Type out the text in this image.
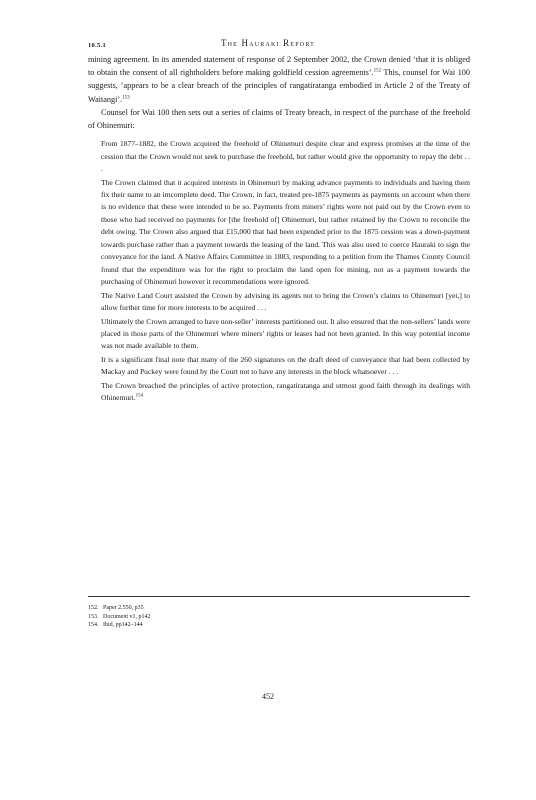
10.5.1	The Hauraki Report

mining agreement. In its amended statement of response of 2 September 2002, the Crown denied ‘that it is obliged to obtain the consent of all rightholders before making goldfield cession agreements’.$^{152}$ This, counsel for Wai 100 suggests, ‘appears to be a clear breach of the principles of rangatiratanga embodied in Article 2 of the Treaty of Waitangi’.$^{153}$

Counsel for Wai 100 then sets out a series of claims of Treaty breach, in respect of the purchase of the freehold of Ohinemuri:

From 1877–1882, the Crown acquired the freehold of Ohinemuri despite clear and express promises at the time of the cession that the Crown would not seek to purchase the freehold, but rather would give the opportunity to repay the debt . . .

The Crown claimed that it acquired interests in Ohinemuri by making advance payments to individuals and having them fix their name to an imcomplete deed. The Crown, in fact, treated pre-1875 payments as payments on account when there is no evidence that these were intended to be so. Payments from miners’ rights were not paid out by the Crown even to those who had received no payments for [the freehold of] Ohinemuri, but rather retained by the Crown to reconcile the debt owing. The Crown also argued that £15,000 that had been expended prior to the 1875 cession was a down-payment towards purchase rather than a payment towards the leasing of the land. This was also used to coerce Hauraki to sign the conveyance for the land. A Native Affairs Committee in 1883, responding to a petition from the Thames County Council found that the expenditure was for the right to proclaim the land open for mining, not as a payment towards the purchasing of Ohinemuri however it recommendations were ignored.

The Native Land Court assisted the Crown by advising its agents not to bring the Crown’s claims to Ohinemuri [yet,] to allow further time for more interests to be acquired . . .

Ultimately the Crown arranged to have non-seller’ interests partitioned out. It also ensured that the non-sellers’ lands were placed in those parts of the Ohinemuri where miners’ rights or leases had not been granted. In this way potential income was not made available to them.

It is a significant final note that many of the 260 signatures on the draft deed of conveyance that had been collected by Mackay and Puckey were found by the Court not to have any interests in the block whatsoever . . .

The Crown breached the principles of active protection, rangatiratanga and utmost good faith through its dealings with Ohinemuri.$^{154}$

152. Paper 2.550, p35
153. Document v1, p142
154. Ibid, pp142–144
452
